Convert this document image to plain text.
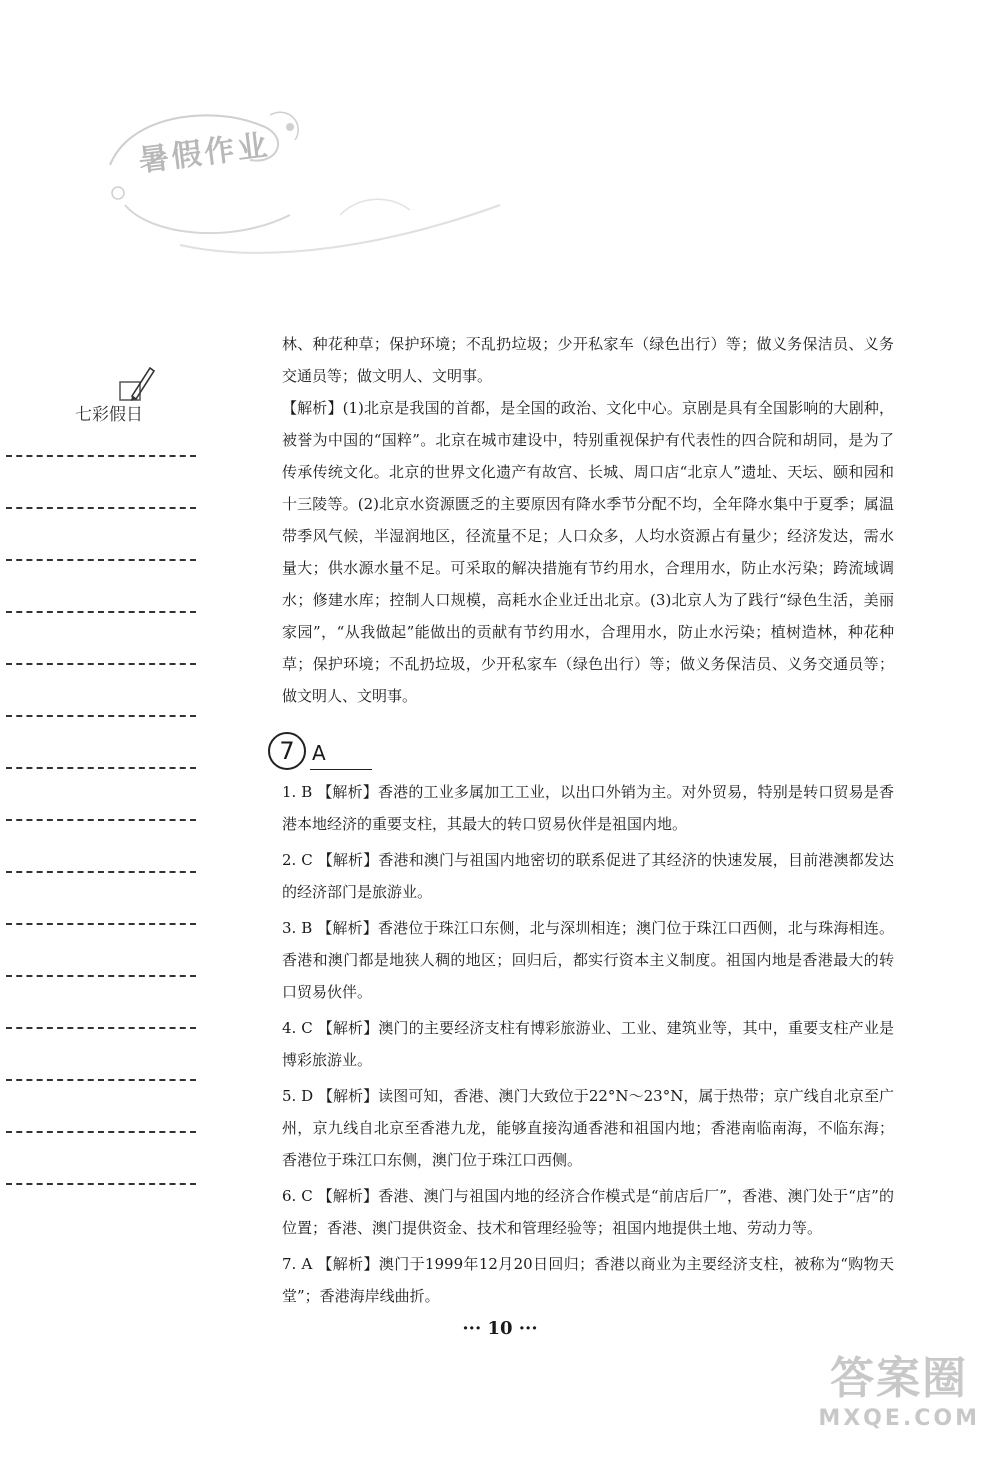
暑假作业
七彩假日

林、种花种草；保护环境；不乱扔垃圾；少开私家车（绿色出行）等；做义务保洁员、义务交通员等；做文明人、文明事。

【解析】(1)北京是我国的首都，是全国的政治、文化中心。京剧是具有全国影响的大剧种，被誉为中国的“国粹”。北京在城市建设中，特别重视保护有代表性的四合院和胡同，是为了传承传统文化。北京的世界文化遗产有故宫、长城、周口店“北京人”遗址、天坛、颐和园和十三陵等。(2)北京水资源匮乏的主要原因有降水季节分配不均，全年降水集中于夏季；属温带季风气候，半湿润地区，径流量不足；人口众多，人均水资源占有量少；经济发达，需水量大；供水源水量不足。可采取的解决措施有节约用水，合理用水，防止水污染；跨流域调水；修建水库；控制人口规模，高耗水企业迁出北京。(3)北京人为了践行“绿色生活，美丽家园”，“从我做起”能做出的贡献有节约用水，合理用水，防止水污染；植树造林，种花种草；保护环境；不乱扔垃圾，少开私家车（绿色出行）等；做义务保洁员、义务交通员等；做文明人、文明事。

7 A

1. B 【解析】香港的工业多属加工工业，以出口外销为主。对外贸易，特别是转口贸易是香港本地经济的重要支柱，其最大的转口贸易伙伴是祖国内地。

2. C 【解析】香港和澳门与祖国内地密切的联系促进了其经济的快速发展，目前港澳都发达的经济部门是旅游业。

3. B 【解析】香港位于珠江口东侧，北与深圳相连；澳门位于珠江口西侧，北与珠海相连。香港和澳门都是地狭人稠的地区；回归后，都实行资本主义制度。祖国内地是香港最大的转口贸易伙伴。

4. C 【解析】澳门的主要经济支柱有博彩旅游业、工业、建筑业等，其中，重要支柱产业是博彩旅游业。

5. D 【解析】读图可知，香港、澳门大致位于22°N～23°N，属于热带；京广线自北京至广州，京九线自北京至香港九龙，能够直接沟通香港和祖国内地；香港南临南海，不临东海；香港位于珠江口东侧，澳门位于珠江口西侧。

6. C 【解析】香港、澳门与祖国内地的经济合作模式是“前店后厂”，香港、澳门处于“店”的位置；香港、澳门提供资金、技术和管理经验等；祖国内地提供土地、劳动力等。

7. A 【解析】澳门于1999年12月20日回归；香港以商业为主要经济支柱，被称为“购物天堂”；香港海岸线曲折。

··· 10 ···
答案圈
MXQE.COM
